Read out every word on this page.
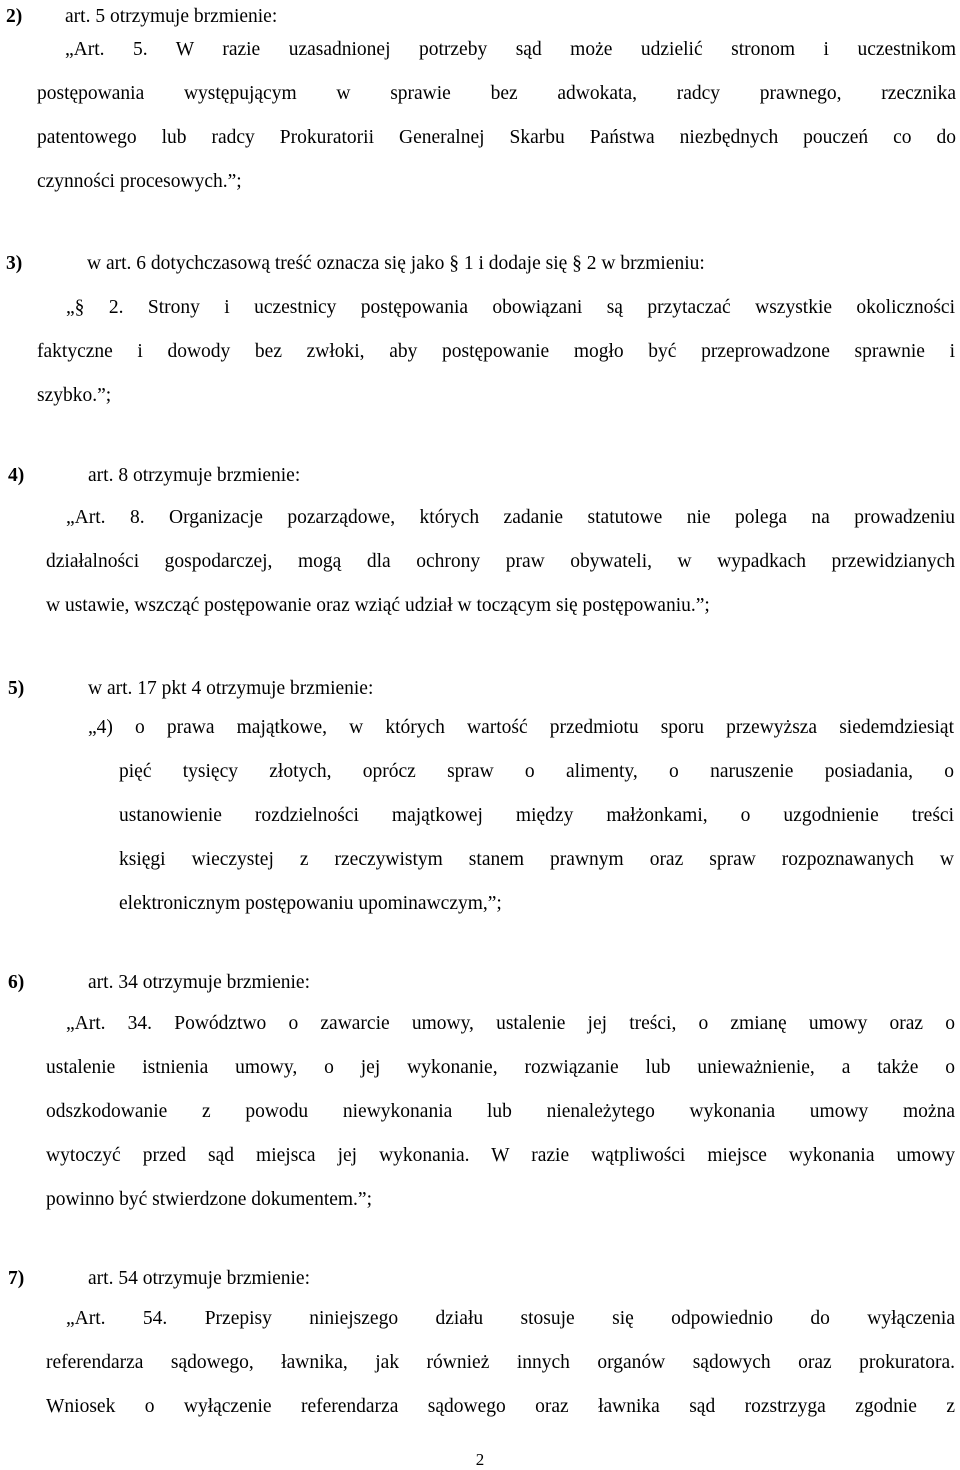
2) art. 5 otrzymuje brzmienie:
„Art. 5. W razie uzasadnionej potrzeby sąd może udzielić stronom i uczestnikom
postępowania występującym w sprawie bez adwokata, radcy prawnego, rzecznika
patentowego lub radcy Prokuratorii Generalnej Skarbu Państwa niezbędnych pouczeń co do
czynności procesowych.”;
3)	w art. 6 dotychczasową treść oznacza się jako § 1 i dodaje się § 2 w brzmieniu:
„§ 2. Strony i uczestnicy postępowania obowiązani są przytaczać wszystkie okoliczności
faktyczne i dowody bez zwłoki, aby postępowanie mogło być przeprowadzone sprawnie i
szybko.”;
4)	art. 8 otrzymuje brzmienie:
„Art. 8. Organizacje pozarządowe, których zadanie statutowe nie polega na prowadzeniu
działalności gospodarczej, mogą dla ochrony praw obywateli, w wypadkach przewidzianych
w ustawie, wszcząć postępowanie oraz wziąć udział w toczącym się postępowaniu.”;
5)	w art. 17 pkt 4 otrzymuje brzmienie:
„4) o prawa majątkowe, w których wartość przedmiotu sporu przewyższa siedemdziesiąt
pięć tysięcy złotych, oprócz spraw o alimenty, o naruszenie posiadania, o
ustanowienie rozdzielności majątkowej między małżonkami, o uzgodnienie treści
księgi wieczystej z rzeczywistym stanem prawnym oraz spraw rozpoznawanych w
elektronicznym postępowaniu upominawczym,”;
6)	art. 34 otrzymuje brzmienie:
„Art. 34. Powództwo o zawarcie umowy, ustalenie jej treści, o zmianę umowy oraz o
ustalenie istnienia umowy, o jej wykonanie, rozwiązanie lub unieważnienie, a także o
odszkodowanie z powodu niewykonania lub nienależytego wykonania umowy można
wytoczyć przed sąd miejsca jej wykonania. W razie wątpliwości miejsce wykonania umowy
powinno być stwierdzone dokumentem.”;
7)	art. 54 otrzymuje brzmienie:
„Art. 54. Przepisy niniejszego działu stosuje się odpowiednio do wyłączenia
referendarza sądowego, ławnika, jak również innych organów sądowych oraz prokuratora.
Wniosek o wyłączenie referendarza sądowego oraz ławnika sąd rozstrzyga zgodnie z
2
